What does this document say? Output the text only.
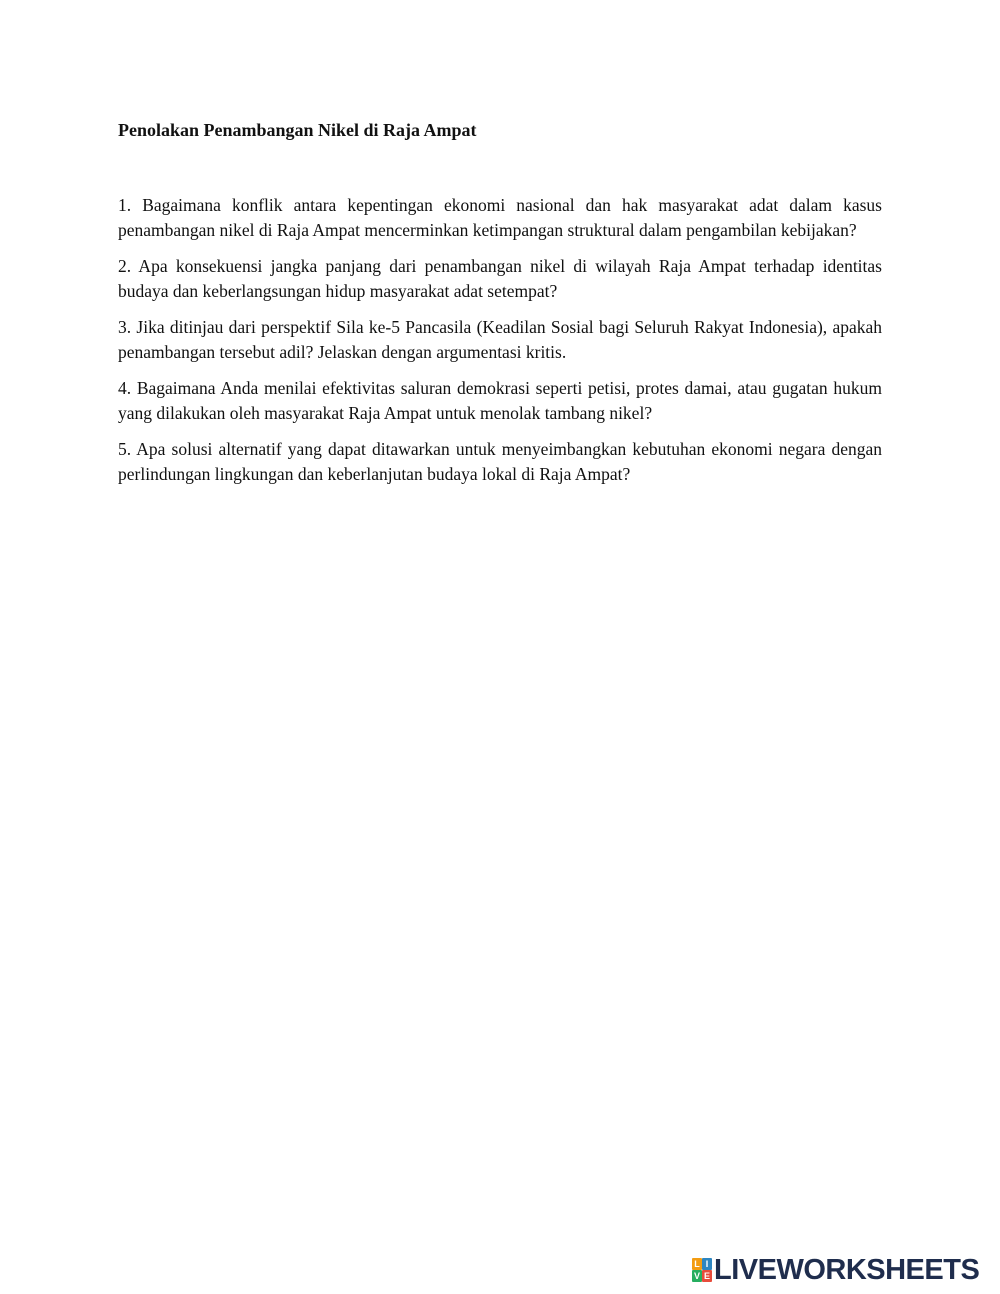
Penolakan Penambangan Nikel di Raja Ampat
1. Bagaimana konflik antara kepentingan ekonomi nasional dan hak masyarakat adat dalam kasus penambangan nikel di Raja Ampat mencerminkan ketimpangan struktural dalam pengambilan kebijakan?
2. Apa konsekuensi jangka panjang dari penambangan nikel di wilayah Raja Ampat terhadap identitas budaya dan keberlangsungan hidup masyarakat adat setempat?
3. Jika ditinjau dari perspektif Sila ke-5 Pancasila (Keadilan Sosial bagi Seluruh Rakyat Indonesia), apakah penambangan tersebut adil? Jelaskan dengan argumentasi kritis.
4. Bagaimana Anda menilai efektivitas saluran demokrasi seperti petisi, protes damai, atau gugatan hukum yang dilakukan oleh masyarakat Raja Ampat untuk menolak tambang nikel?
5. Apa solusi alternatif yang dapat ditawarkan untuk menyeimbangkan kebutuhan ekonomi negara dengan perlindungan lingkungan dan keberlanjutan budaya lokal di Raja Ampat?
L I
V E LIVEWORKSHEETS
